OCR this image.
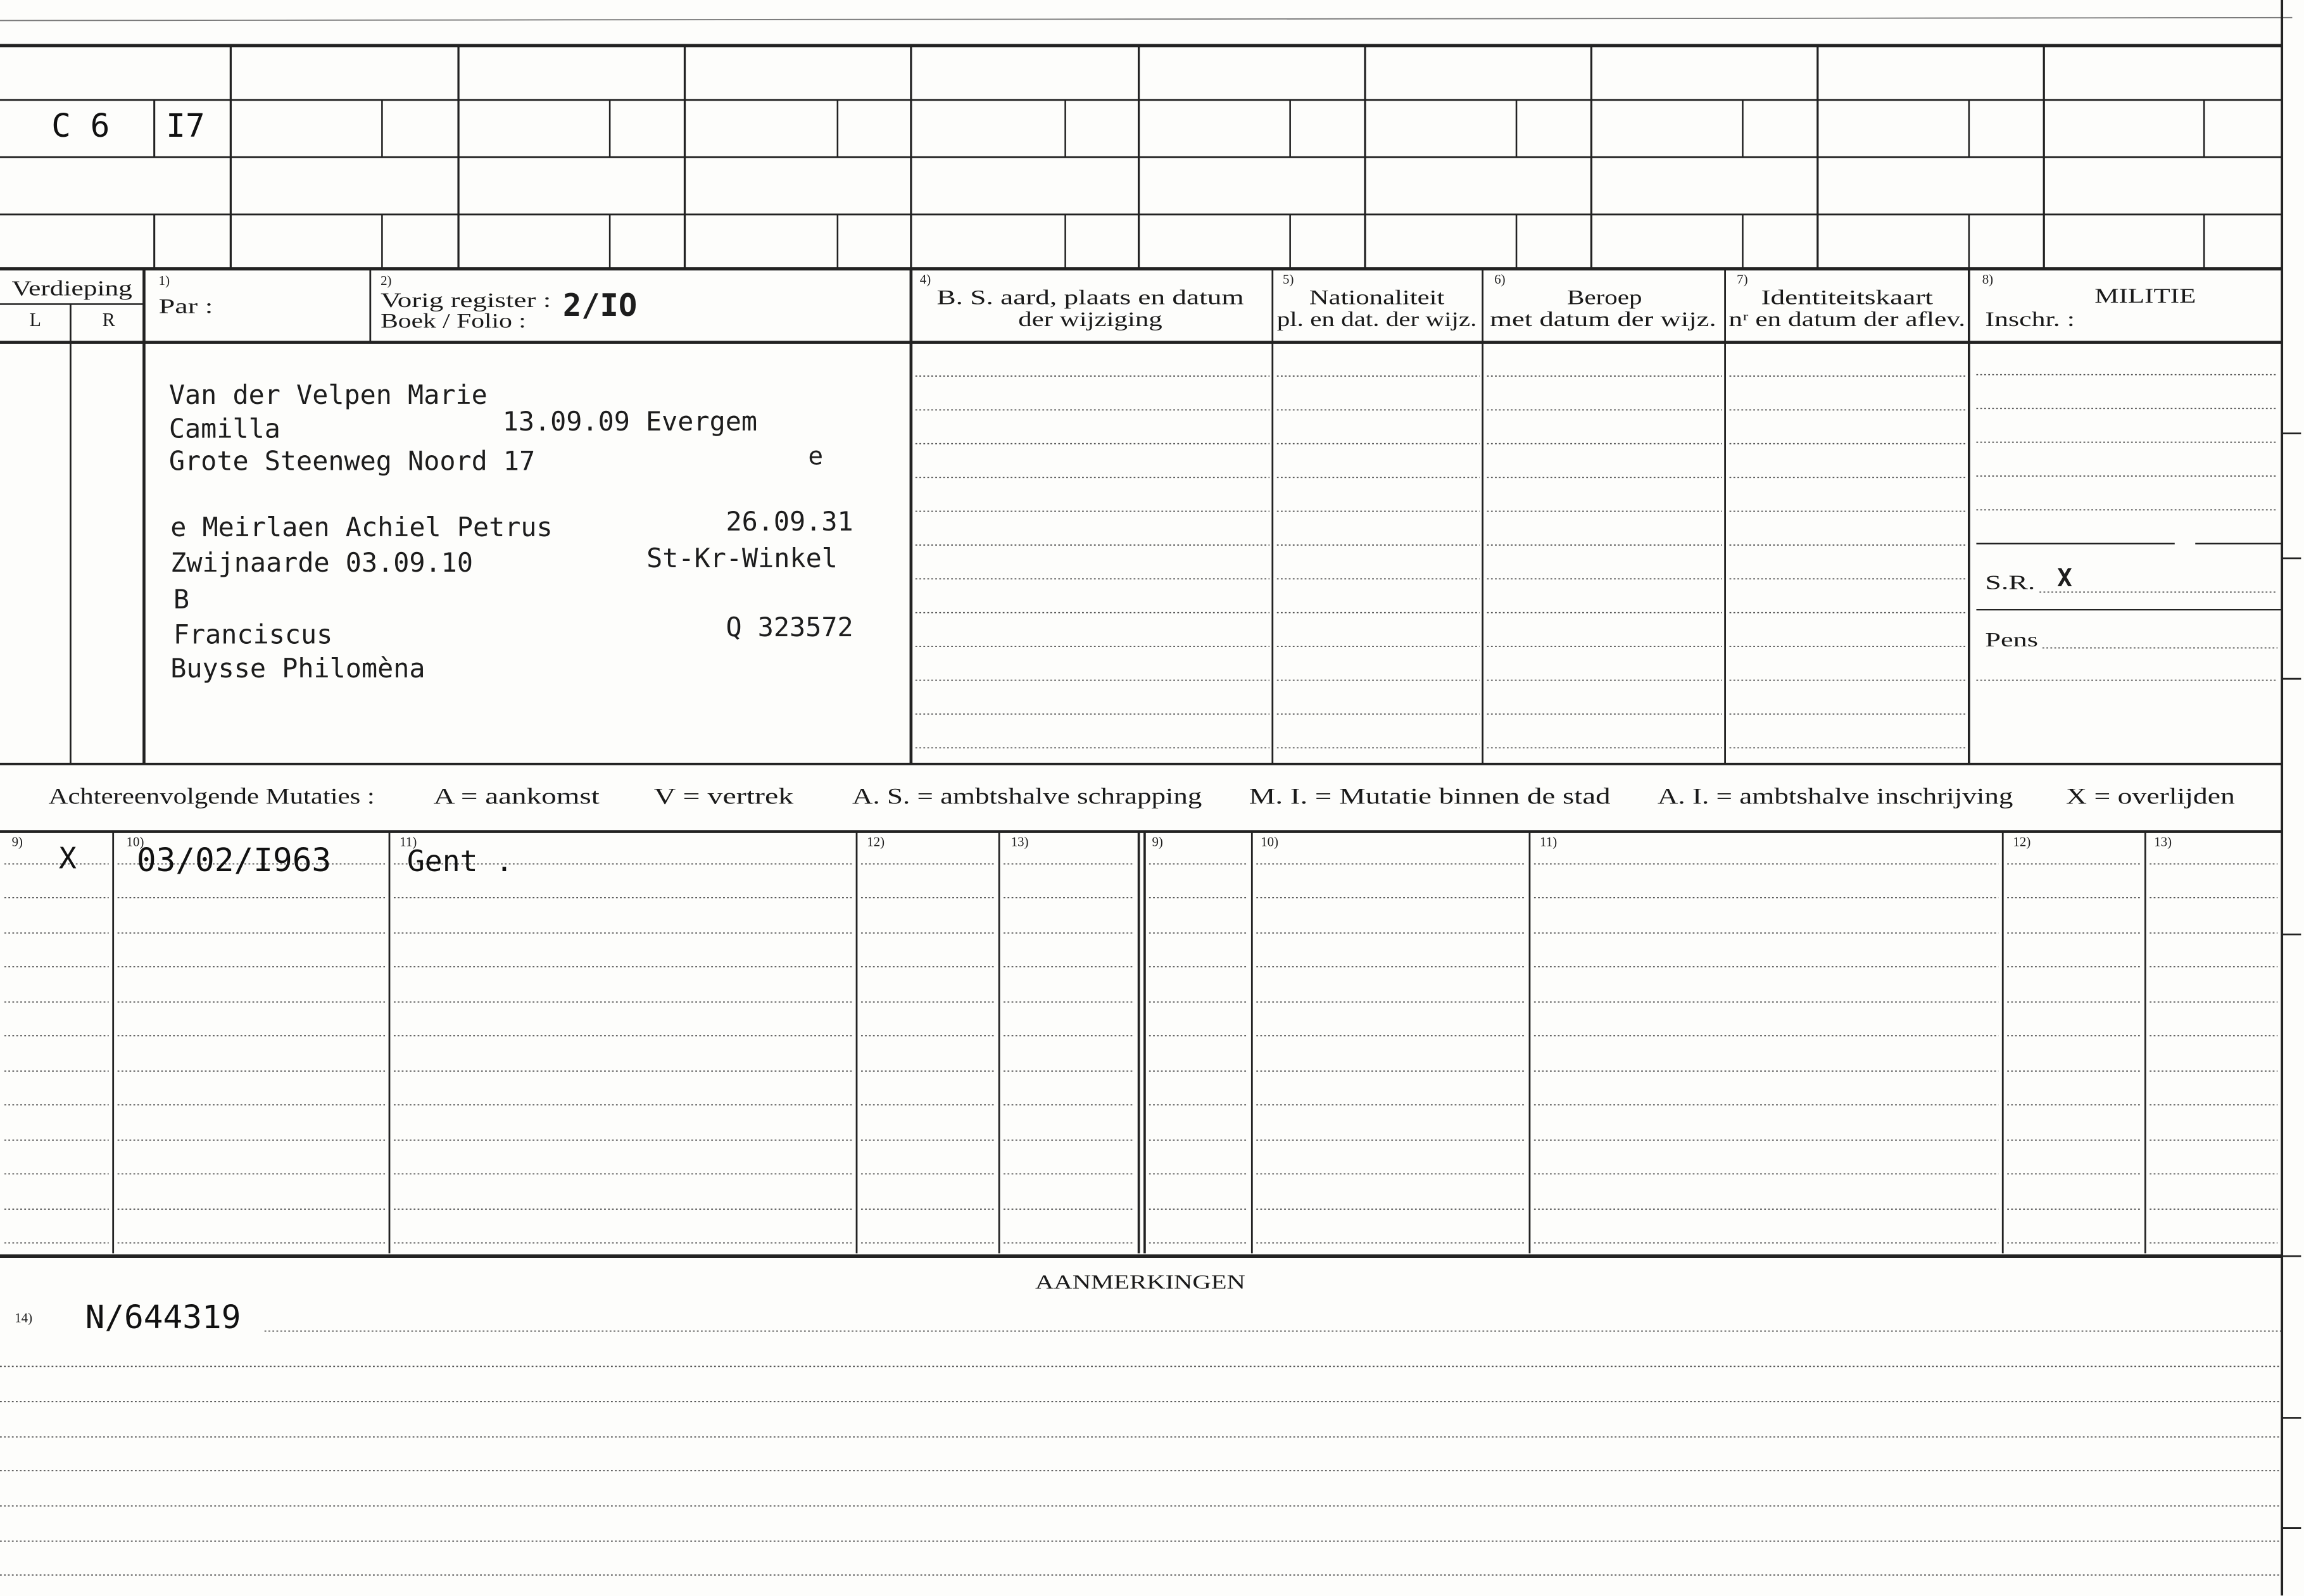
C 6	I7
Verdieping
L	R
1)
Par :
2)
Vorig register : 2/IO
Boek / Folio :
4)
B. S. aard, plaats en datum
der wijziging
5)
Nationaliteit
pl. en dat. der wijz.
6)
Beroep
met datum der wijz.
7)
Identiteitskaart
nʳ en datum der aflev.
8)
MILITIE
Inschr. :
S.R. X
Pens
Van der Velpen Marie
Camilla	13.09.09 Evergem
Grote Steenweg Noord 17	e
e Meirlaen Achiel Petrus	26.09.31
Zwijnaarde 03.09.10	St-Kr-Winkel
B
Franciscus	Q 323572
Buysse Philomèna
Achtereenvolgende Mutaties :	A = aankomst	V = vertrek	A. S. = ambtshalve schrapping	M. I. = Mutatie binnen de stad	A. I. = ambtshalve inschrijving	X = overlijden
9)	10)	11)	12)	13)	9)	10)	11)	12)	13)
X	03/02/I963	Gent .
AANMERKINGEN
14)	N/644319
